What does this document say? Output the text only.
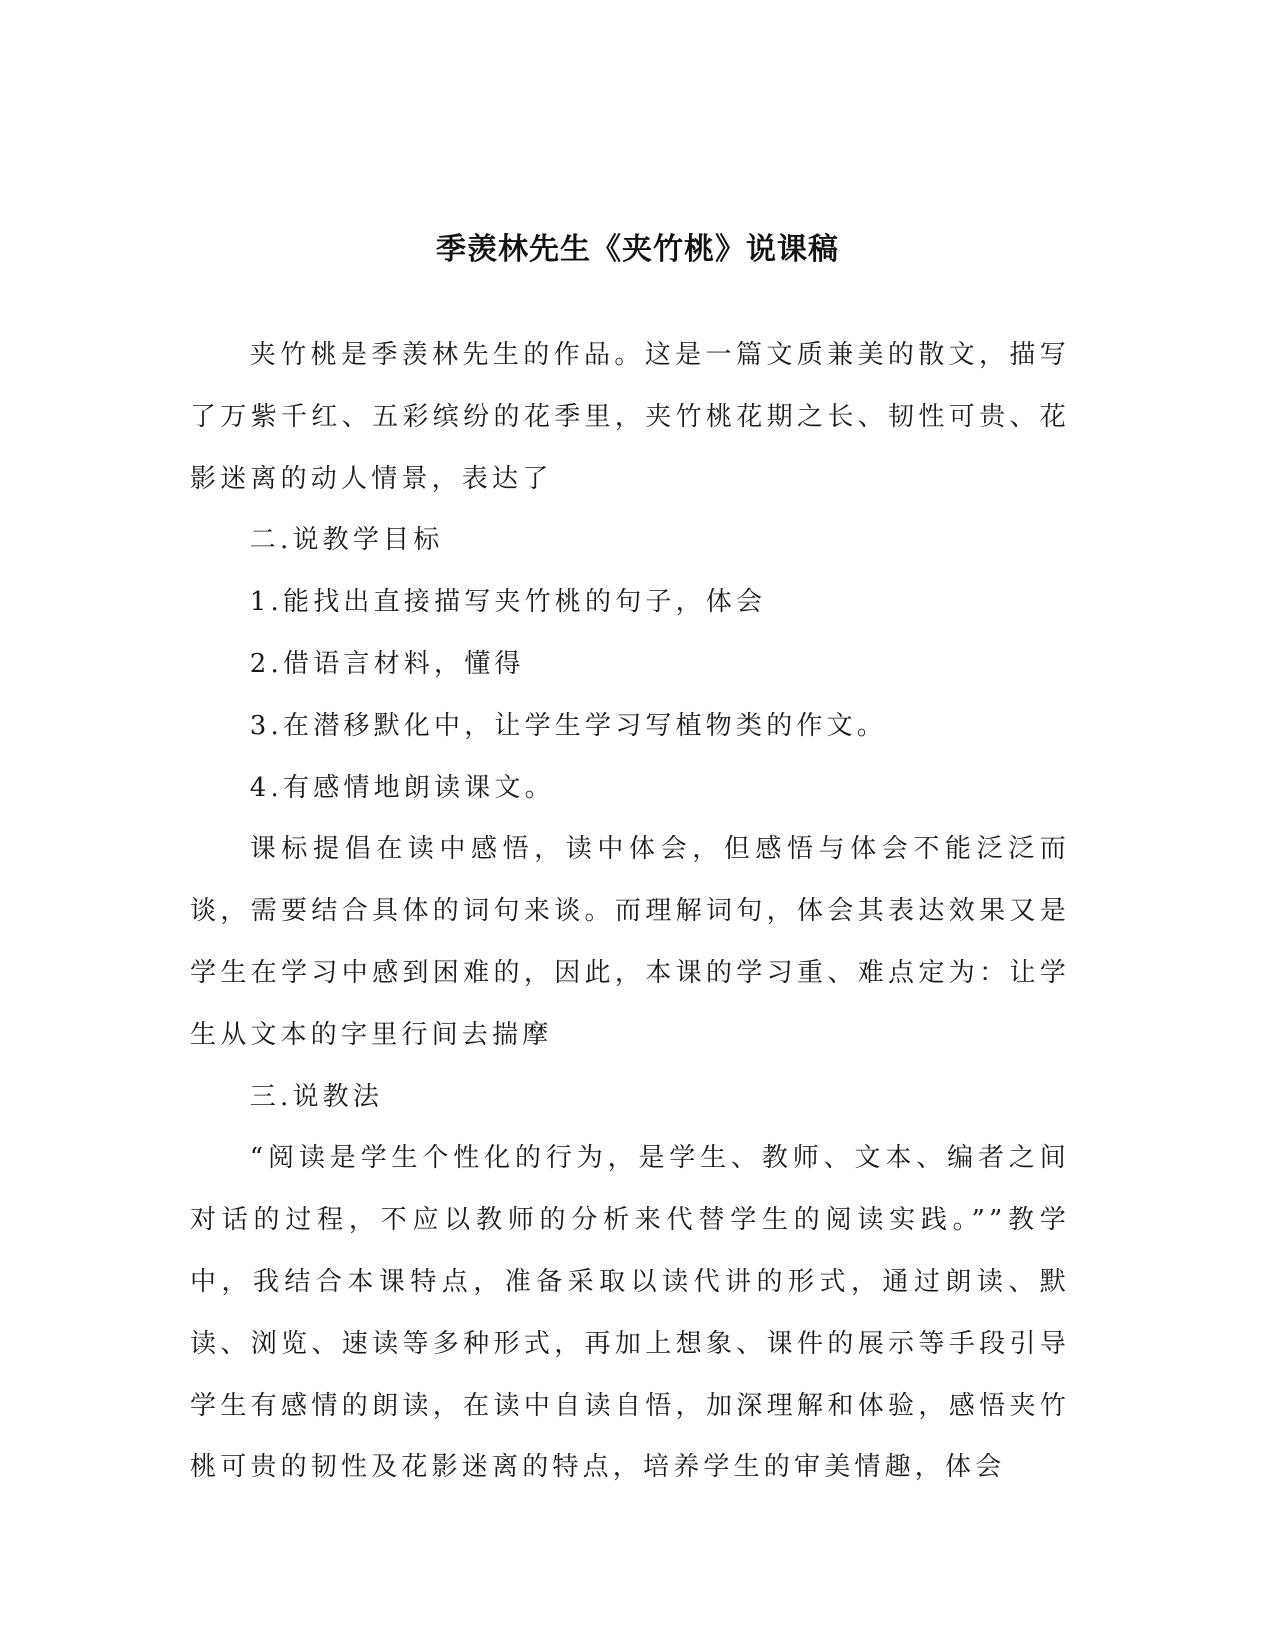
季羡林先生《夹竹桃》说课稿

夹竹桃是季羡林先生的作品。这是一篇文质兼美的散文，描写了万紫千红、五彩缤纷的花季里，夹竹桃花期之长、韧性可贵、花影迷离的动人情景，表达了

二.说教学目标

1.能找出直接描写夹竹桃的句子，体会

2.借语言材料，懂得

3.在潜移默化中，让学生学习写植物类的作文。

4.有感情地朗读课文。

课标提倡在读中感悟，读中体会，但感悟与体会不能泛泛而谈，需要结合具体的词句来谈。而理解词句，体会其表达效果又是学生在学习中感到困难的，因此，本课的学习重、难点定为：让学生从文本的字里行间去揣摩

三.说教法

“阅读是学生个性化的行为，是学生、教师、文本、编者之间对话的过程，不应以教师的分析来代替学生的阅读实践。””教学中，我结合本课特点，准备采取以读代讲的形式，通过朗读、默读、浏览、速读等多种形式，再加上想象、课件的展示等手段引导学生有感情的朗读，在读中自读自悟，加深理解和体验，感悟夹竹桃可贵的韧性及花影迷离的特点，培养学生的审美情趣，体会
